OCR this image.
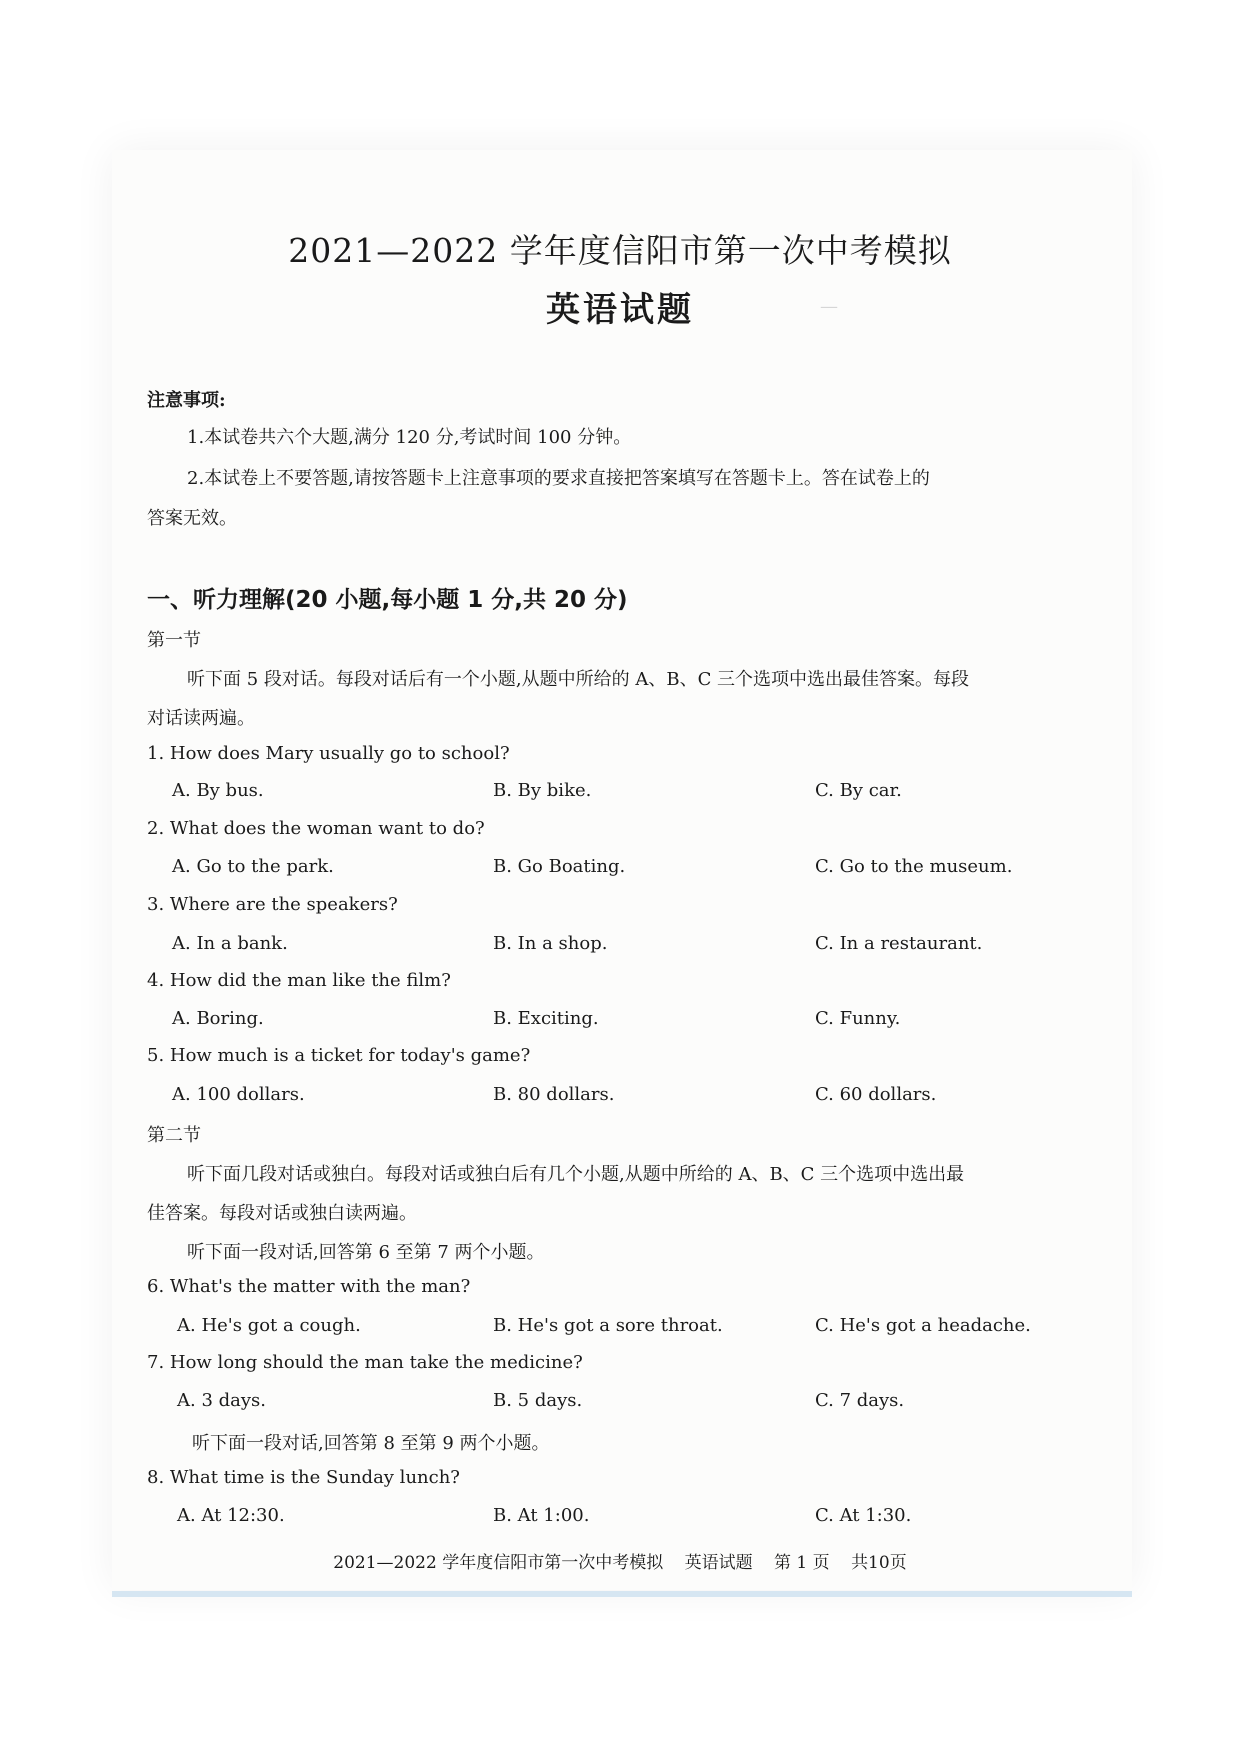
—
2021—2022 学年度信阳市第一次中考模拟
英语试题
注意事项:
1.本试卷共六个大题,满分 120 分,考试时间 100 分钟。
2.本试卷上不要答题,请按答题卡上注意事项的要求直接把答案填写在答题卡上。答在试卷上的
答案无效。
一、听力理解(20 小题,每小题 1 分,共 20 分)
第一节
听下面 5 段对话。每段对话后有一个小题,从题中所给的 A、B、C 三个选项中选出最佳答案。每段
对话读两遍。
1. How does Mary usually go to school?
A. By bus.	B. By bike.	C. By car.
2. What does the woman want to do?
A. Go to the park.	B. Go Boating.	C. Go to the museum.
3. Where are the speakers?
A. In a bank.	B. In a shop.	C. In a restaurant.
4. How did the man like the film?
A. Boring.	B. Exciting.	C. Funny.
5. How much is a ticket for today's game?
A. 100 dollars.	B. 80 dollars.	C. 60 dollars.
第二节
听下面几段对话或独白。每段对话或独白后有几个小题,从题中所给的 A、B、C 三个选项中选出最
佳答案。每段对话或独白读两遍。
听下面一段对话,回答第 6 至第 7 两个小题。
6. What's the matter with the man?
A. He's got a cough.	B. He's got a sore throat.	C. He's got a headache.
7. How long should the man take the medicine?
A. 3 days.	B. 5 days.	C. 7 days.
听下面一段对话,回答第 8 至第 9 两个小题。
8. What time is the Sunday lunch?
A. At 12:30.	B. At 1:00.	C. At 1:30.
2021—2022 学年度信阳市第一次中考模拟 英语试题 第 1 页 共10页
